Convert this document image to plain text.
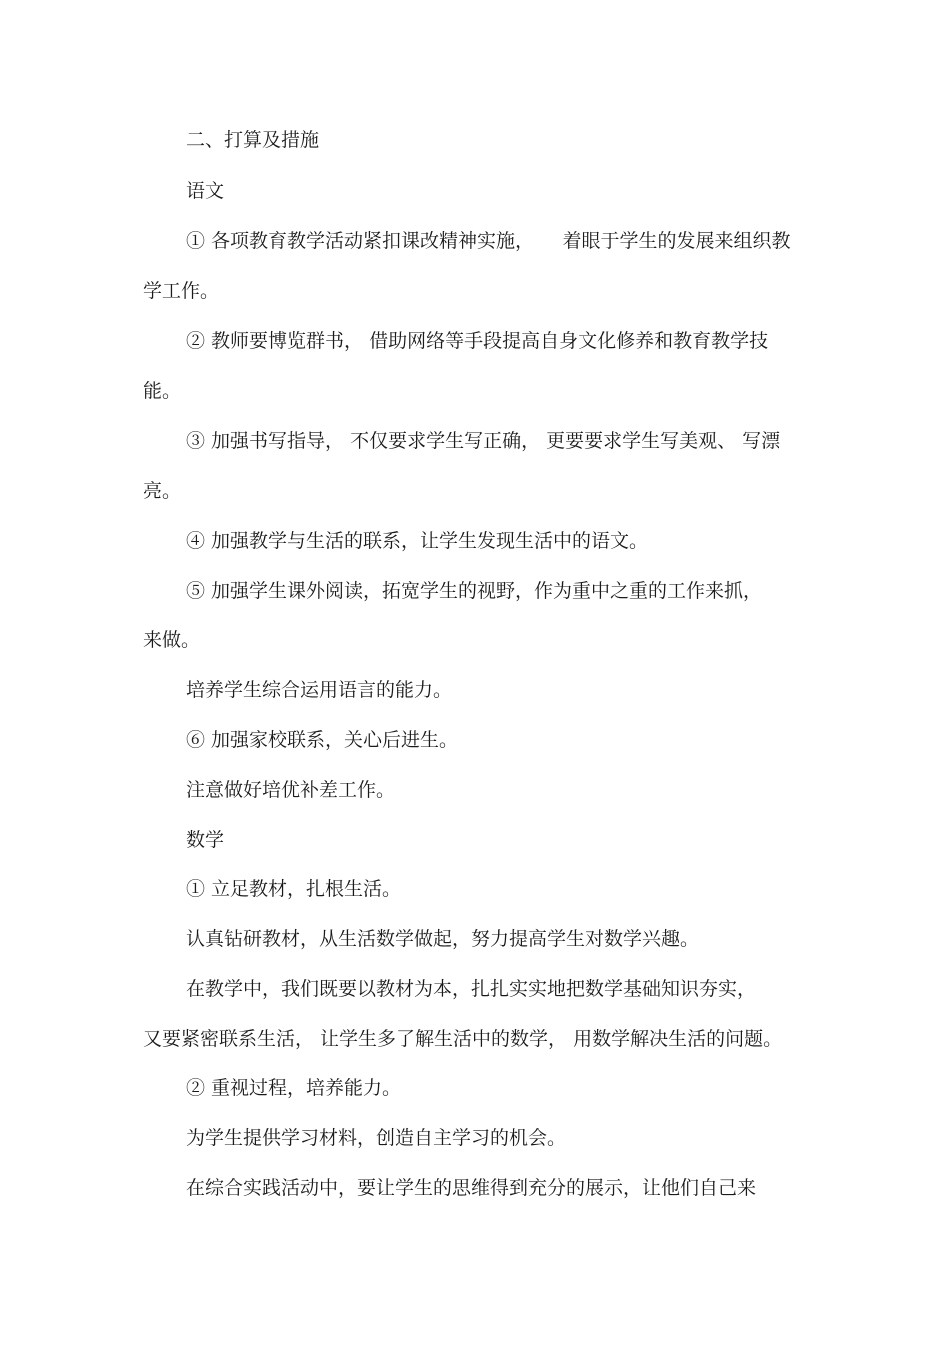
二、打算及措施
语文
① 各项教育教学活动紧扣课改精神实施，　　着眼于学生的发展来组织教
学工作。
② 教师要博览群书， 借助网络等手段提高自身文化修养和教育教学技
能。
③ 加强书写指导， 不仅要求学生写正确， 更要要求学生写美观、 写漂
亮。
④ 加强教学与生活的联系，让学生发现生活中的语文。
⑤ 加强学生课外阅读，拓宽学生的视野，作为重中之重的工作来抓，
来做。
培养学生综合运用语言的能力。
⑥ 加强家校联系，关心后进生。
注意做好培优补差工作。
数学
① 立足教材，扎根生活。
认真钻研教材，从生活数学做起，努力提高学生对数学兴趣。
在教学中，我们既要以教材为本，扎扎实实地把数学基础知识夯实，
又要紧密联系生活， 让学生多了解生活中的数学， 用数学解决生活的问题。
② 重视过程，培养能力。
为学生提供学习材料，创造自主学习的机会。
在综合实践活动中，要让学生的思维得到充分的展示，让他们自己来
